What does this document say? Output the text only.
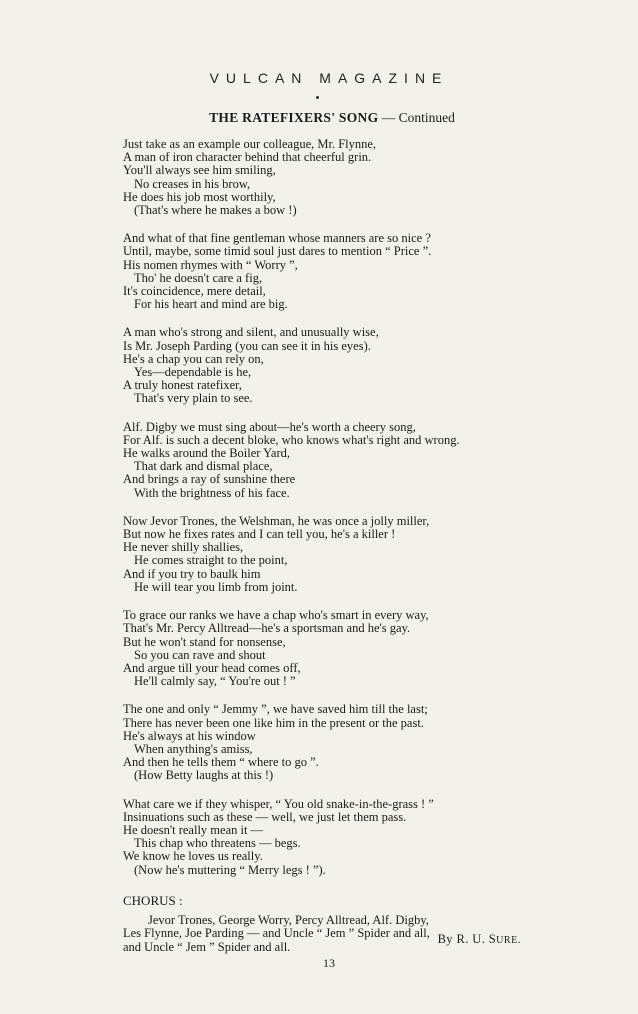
VULCAN MAGAZINE
THE RATEFIXERS' SONG — Continued
Just take as an example our colleague, Mr. Flynne,
A man of iron character behind that cheerful grin.
You'll always see him smiling,
No creases in his brow,
He does his job most worthily,
(That's where he makes a bow !)
And what of that fine gentleman whose manners are so nice ?
Until, maybe, some timid soul just dares to mention “ Price ”.
His nomen rhymes with “ Worry ”,
Tho' he doesn't care a fig,
It's coincidence, mere detail,
For his heart and mind are big.
A man who's strong and silent, and unusually wise,
Is Mr. Joseph Parding (you can see it in his eyes).
He's a chap you can rely on,
Yes—dependable is he,
A truly honest ratefixer,
That's very plain to see.
Alf. Digby we must sing about—he's worth a cheery song,
For Alf. is such a decent bloke, who knows what's right and wrong.
He walks around the Boiler Yard,
That dark and dismal place,
And brings a ray of sunshine there
With the brightness of his face.
Now Jevor Trones, the Welshman, he was once a jolly miller,
But now he fixes rates and I can tell you, he's a killer !
He never shilly shallies,
He comes straight to the point,
And if you try to baulk him
He will tear you limb from joint.
To grace our ranks we have a chap who's smart in every way,
That's Mr. Percy Alltread—he's a sportsman and he's gay.
But he won't stand for nonsense,
So you can rave and shout
And argue till your head comes off,
He'll calmly say, “ You're out ! ”
The one and only “ Jemmy ”, we have saved him till the last;
There has never been one like him in the present or the past.
He's always at his window
When anything's amiss,
And then he tells them “ where to go ”.
(How Betty laughs at this !)
What care we if they whisper, “ You old snake-in-the-grass ! ”
Insinuations such as these — well, we just let them pass.
He doesn't really mean it —
This chap who threatens — begs.
We know he loves us really.
(Now he's muttering “ Merry legs ! ”).
CHORUS :
Jevor Trones, George Worry, Percy Alltread, Alf. Digby,
Les Flynne, Joe Parding — and Uncle “ Jem ” Spider and all,
and Uncle “ Jem ” Spider and all.
By R. U. SURE.
13
